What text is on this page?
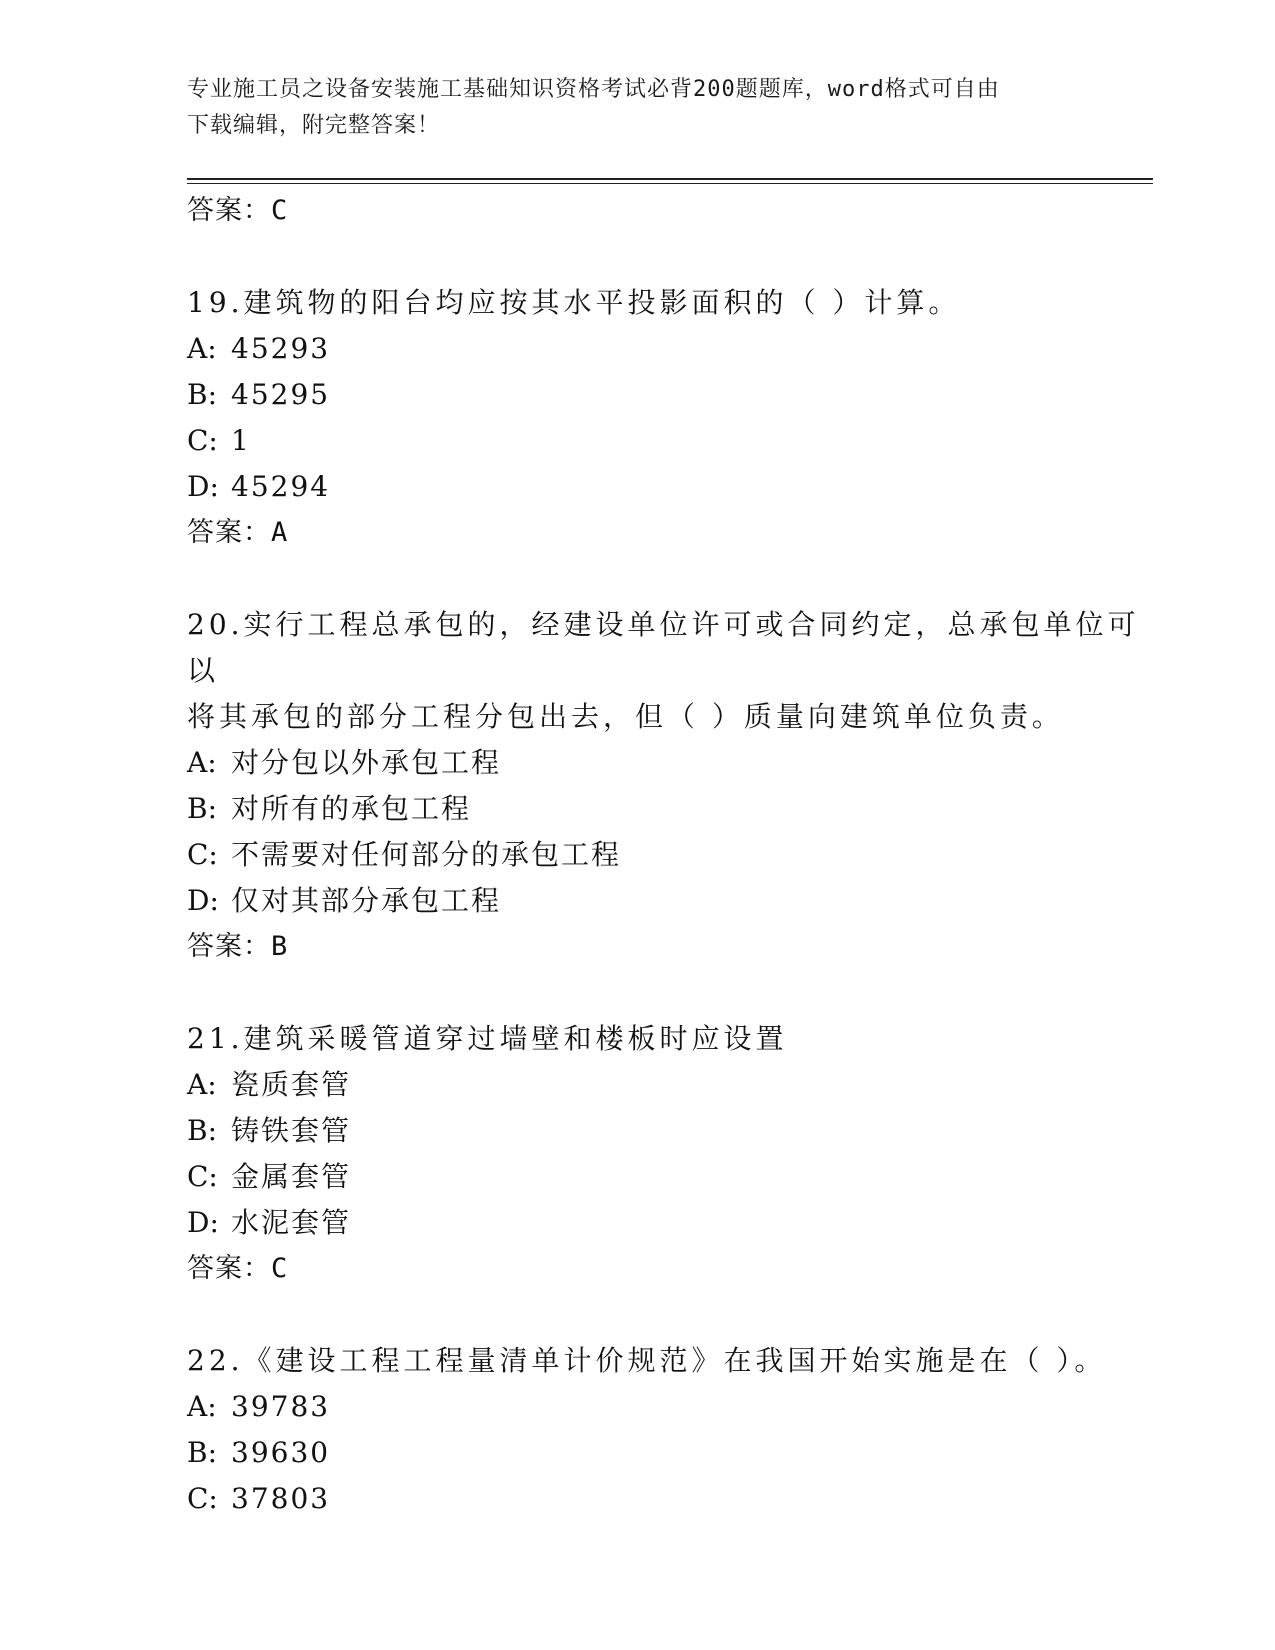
专业施工员之设备安装施工基础知识资格考试必背200题题库，word格式可自由
下载编辑，附完整答案！
答案：C

19.建筑物的阳台均应按其水平投影面积的（ ）计算。

A: 45293
B: 45295
C: 1
D: 45294
答案：A

20.实行工程总承包的，经建设单位许可或合同约定，总承包单位可以

将其承包的部分工程分包出去，但（ ）质量向建筑单位负责。

A: 对分包以外承包工程
B: 对所有的承包工程
C: 不需要对任何部分的承包工程
D: 仅对其部分承包工程
答案：B

21.建筑采暖管道穿过墙壁和楼板时应设置

A: 瓷质套管
B: 铸铁套管
C: 金属套管
D: 水泥套管
答案：C

22.《建设工程工程量清单计价规范》在我国开始实施是在（ ）。

A: 39783
B: 39630
C: 37803
